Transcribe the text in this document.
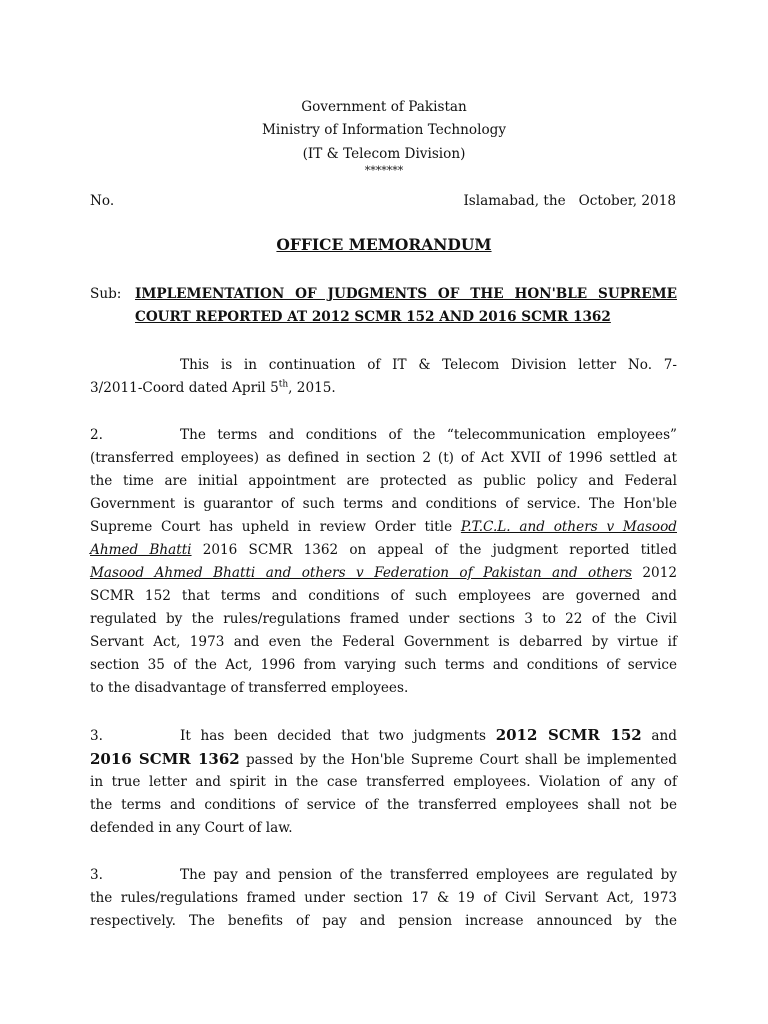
Government of Pakistan
Ministry of Information Technology
(IT & Telecom Division)
*******
No.	Islamabad, the   October, 2018
OFFICE MEMORANDUM
Sub: IMPLEMENTATION OF JUDGMENTS OF THE HON'BLE SUPREME
COURT REPORTED AT 2012 SCMR 152 AND 2016 SCMR 1362
This is in continuation of IT & Telecom Division letter No. 7-
3/2011-Coord dated April 5th, 2015.
2.	The terms and conditions of the “telecommunication employees”
(transferred employees) as defined in section 2 (t) of Act XVII of 1996 settled at
the time are initial appointment are protected as public policy and Federal
Government is guarantor of such terms and conditions of service. The Hon'ble
Supreme Court has upheld in review Order title P.T.C.L. and others v Masood
Ahmed Bhatti 2016 SCMR 1362 on appeal of the judgment reported titled
Masood Ahmed Bhatti and others v Federation of Pakistan and others 2012
SCMR 152 that terms and conditions of such employees are governed and
regulated by the rules/regulations framed under sections 3 to 22 of the Civil
Servant Act, 1973 and even the Federal Government is debarred by virtue if
section 35 of the Act, 1996 from varying such terms and conditions of service
to the disadvantage of transferred employees.
3.	It has been decided that two judgments 2012 SCMR 152 and
2016 SCMR 1362 passed by the Hon'ble Supreme Court shall be implemented
in true letter and spirit in the case transferred employees. Violation of any of
the terms and conditions of service of the transferred employees shall not be
defended in any Court of law.
3.	The pay and pension of the transferred employees are regulated by
the rules/regulations framed under section 17 & 19 of Civil Servant Act, 1973
respectively. The benefits of pay and pension increase announced by the
